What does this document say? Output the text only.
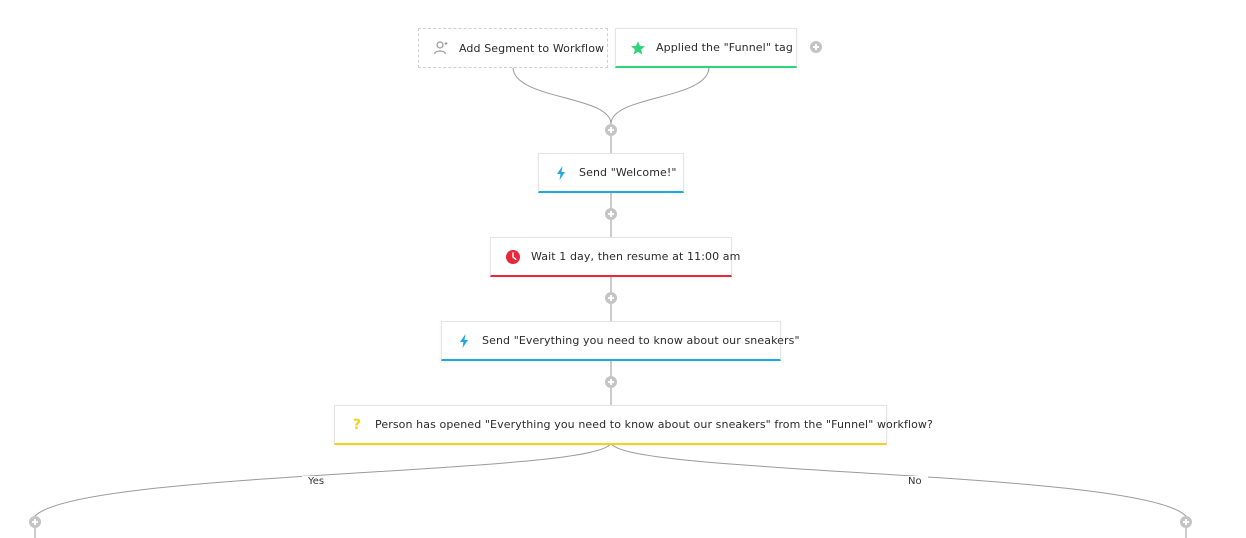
Add Segment to Workflow	Applied the "Funnel" tag
Send "Welcome!"
Wait 1 day, then resume at 11:00 am
Send "Everything you need to know about our sneakers"
?	Person has opened "Everything you need to know about our sneakers" from the "Funnel" workflow?
Yes	No
